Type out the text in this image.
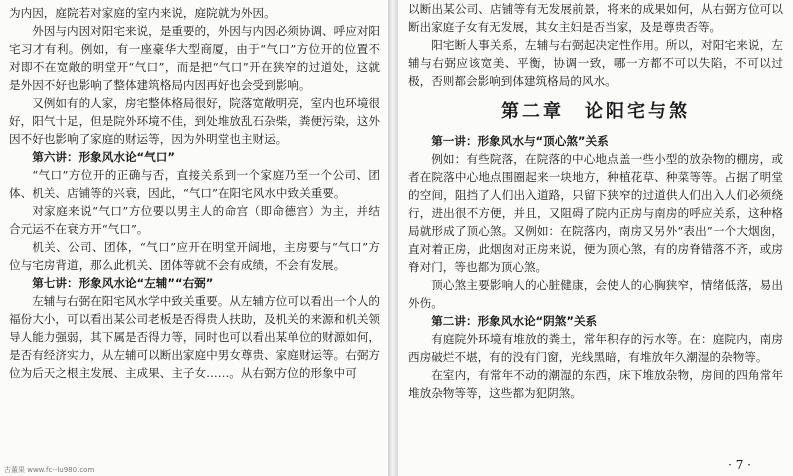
为内因，庭院若对家庭的室内来说，庭院就为外因。

外因与内因对阳宅来说，是重要的，外因与内因必须协调、呼应对阳宅习才有利。例如，有一座豪华大型商厦，由于“气口”方位开的位置不对即不在宽敞的明堂开“气口”，而是把“气口”开在狭窄的过道处，这就是外因不好也影响了整体建筑格局内因再好也会受到影响。

又例如有的人家，房宅整体格局很好，院落宽敞明亮，室内也环境很好，阳气十足，但是院外环境不佳，到处堆放乱石杂柴，粪便污染，这外因不好也影响了家庭的财运等，因为外明堂也主财运。

第六讲：形象风水论“气口”

“气口”方位开的正确与否，直接关系到一个家庭乃至一个公司、团体、机关、店铺等的兴衰，因此，“气口”在阳宅风水中致关重要。

对家庭来说“气口”方位要以男主人的命宫（即命德宫）为主，并结合元运不在衰方开“气口”。

机关、公司、团体，“气口”应开在明堂开阔地，主房要与“气口”方位与宅房背道，那么此机关、团体等就不会有成绩，不会有发展。

第七讲：形象风水论“左辅”“右弼”

左辅与右弼在阳宅风水学中致关重要。从左辅方位可以看出一个人的福份大小，可以看出某公司老板是否得贵人扶助，及机关的来源和机关领导人能力强弱，其下属是否得力等，同时也可以看出某单位的财源如何，是否有经济实力，从左辅可以断出家庭中男女尊贵、家庭财运等。右弼方位为后天之根主发展、主成果、主子女……。从右弼方位的形象中可

古董果 www.fc--lu980.com

以断出某公司、店铺等有无发展前景，将来的成果如何，从右弼方位可以断出家庭子女有无发展，其女主妇是否当家，及是尊贵否等。

阳宅断人事关系，左辅与右弼起决定性作用。所以，对阳宅来说，左辅与右弼应该宽美、平衡，协调一致，哪一方都不可以失陷，不可以过极，否则都会影响到体建筑格局的风水。

第二章　论阳宅与煞
第一讲：形象风水与“顶心煞”关系

例如：有些院落，在院落的中心地点盖一些小型的放杂物的棚房，或者在院落中心地点围圈起来一块地方，种植花草、种菜等等。占据了明堂的空间，阻挡了人们出入道路，只留下狭窄的过道供人们出入人们必须绕行，进出很不方便，并且，又阻碍了院内正房与南房的呼应关系，这种格局就形成了顶心煞。又例如：在院落内，南房又另外“表出”一个大烟囱，直对着正房，此烟囱对正房来说，便为顶心煞，有的房脊错落不齐，或房脊对门，等也都为顶心煞。

顶心煞主要影响人的心脏健康，会使人的心胸狭窄，情绪低落，易出外伤。

第二讲：形象风水论“阴煞”关系

有庭院外环境有堆放的粪土，常年积存的污水等。在：庭院内，南房西房破烂不堪，有的没有门窗，光线黑暗，有堆放年久潮湿的杂物等。

在室内，有常年不动的潮湿的东西，床下堆放杂物，房间的四角常年堆放杂物等等，这些都为犯阴煞。

· 7 ·
